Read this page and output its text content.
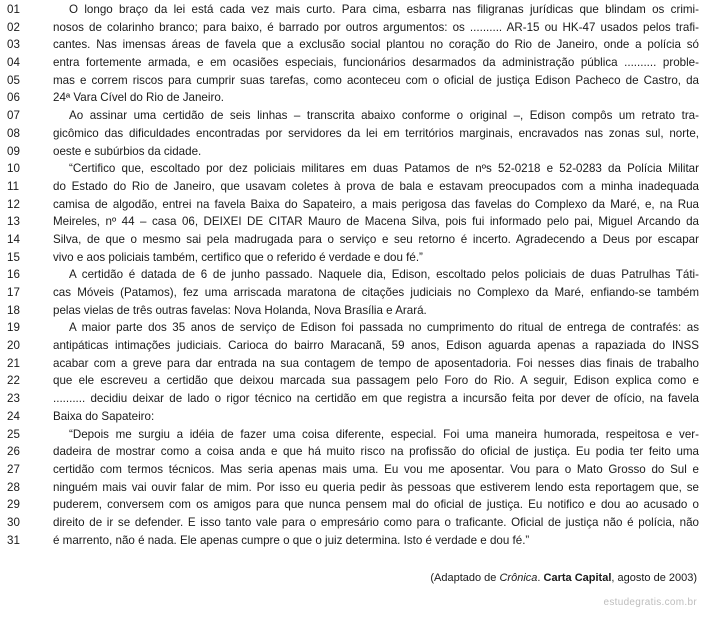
01	O longo braço da lei está cada vez mais curto. Para cima, esbarra nas filigranas jurídicas que blindam os crimi-
02	nosos de colarinho branco; para baixo, é barrado por outros argumentos: os .......... AR-15 ou HK-47 usados pelos trafi-
03	cantes. Nas imensas áreas de favela que a exclusão social plantou no coração do Rio de Janeiro, onde a polícia só
04	entra fortemente armada, e em ocasiões especiais, funcionários desarmados da administração pública .......... proble-
05	mas e correm riscos para cumprir suas tarefas, como aconteceu com o oficial de justiça Edison Pacheco de Castro, da
06	24ª Vara Cível do Rio de Janeiro.
07	Ao assinar uma certidão de seis linhas – transcrita abaixo conforme o original –, Edison compôs um retrato tra-
08	gicômico das dificuldades encontradas por servidores da lei em territórios marginais, encravados nas zonas sul, norte,
09	oeste e subúrbios da cidade.
10	“Certifico que, escoltado por dez policiais militares em duas Patamos de nºs 52-0218 e 52-0283 da Polícia Militar
11	do Estado do Rio de Janeiro, que usavam coletes à prova de bala e estavam preocupados com a minha inadequada
12	camisa de algodão, entrei na favela Baixa do Sapateiro, a mais perigosa das favelas do Complexo da Maré, e, na Rua
13	Meireles, nº 44 – casa 06, DEIXEI DE CITAR Mauro de Macena Silva, pois fui informado pelo pai, Miguel Arcando da
14	Silva, de que o mesmo sai pela madrugada para o serviço e seu retorno é incerto. Agradecendo a Deus por escapar
15	vivo e aos policiais também, certifico que o referido é verdade e dou fé.”
16	A certidão é datada de 6 de junho passado. Naquele dia, Edison, escoltado pelos policiais de duas Patrulhas Táti-
17	cas Móveis (Patamos), fez uma arriscada maratona de citações judiciais no Complexo da Maré, enfiando-se também
18	pelas vielas de três outras favelas: Nova Holanda, Nova Brasília e Arará.
19	A maior parte dos 35 anos de serviço de Edison foi passada no cumprimento do ritual de entrega de contrafés: as
20	antipáticas intimações judiciais. Carioca do bairro Maracanã, 59 anos, Edison aguarda apenas a rapaziada do INSS
21	acabar com a greve para dar entrada na sua contagem de tempo de aposentadoria. Foi nesses dias finais de trabalho
22	que ele escreveu a certidão que deixou marcada sua passagem pelo Foro do Rio. A seguir, Edison explica como e
23	.......... decidiu deixar de lado o rigor técnico na certidão em que registra a incursão feita por dever de ofício, na favela
24	Baixa do Sapateiro:
25	“Depois me surgiu a idéia de fazer uma coisa diferente, especial. Foi uma maneira humorada, respeitosa e ver-
26	dadeira de mostrar como a coisa anda e que há muito risco na profissão do oficial de justiça. Eu podia ter feito uma
27	certidão com termos técnicos. Mas seria apenas mais uma. Eu vou me aposentar. Vou para o Mato Grosso do Sul e
28	ninguém mais vai ouvir falar de mim. Por isso eu queria pedir às pessoas que estiverem lendo esta reportagem que, se
29	puderem, conversem com os amigos para que nunca pensem mal do oficial de justiça. Eu notifico e dou ao acusado o
30	direito de ir se defender. E isso tanto vale para o empresário como para o traficante. Oficial de justiça não é polícia, não
31	é marrento, não é nada. Ele apenas cumpre o que o juiz determina. Isto é verdade e dou fé.”
(Adaptado de Crônica. Carta Capital, agosto de 2003)
estudegratis.com.br
